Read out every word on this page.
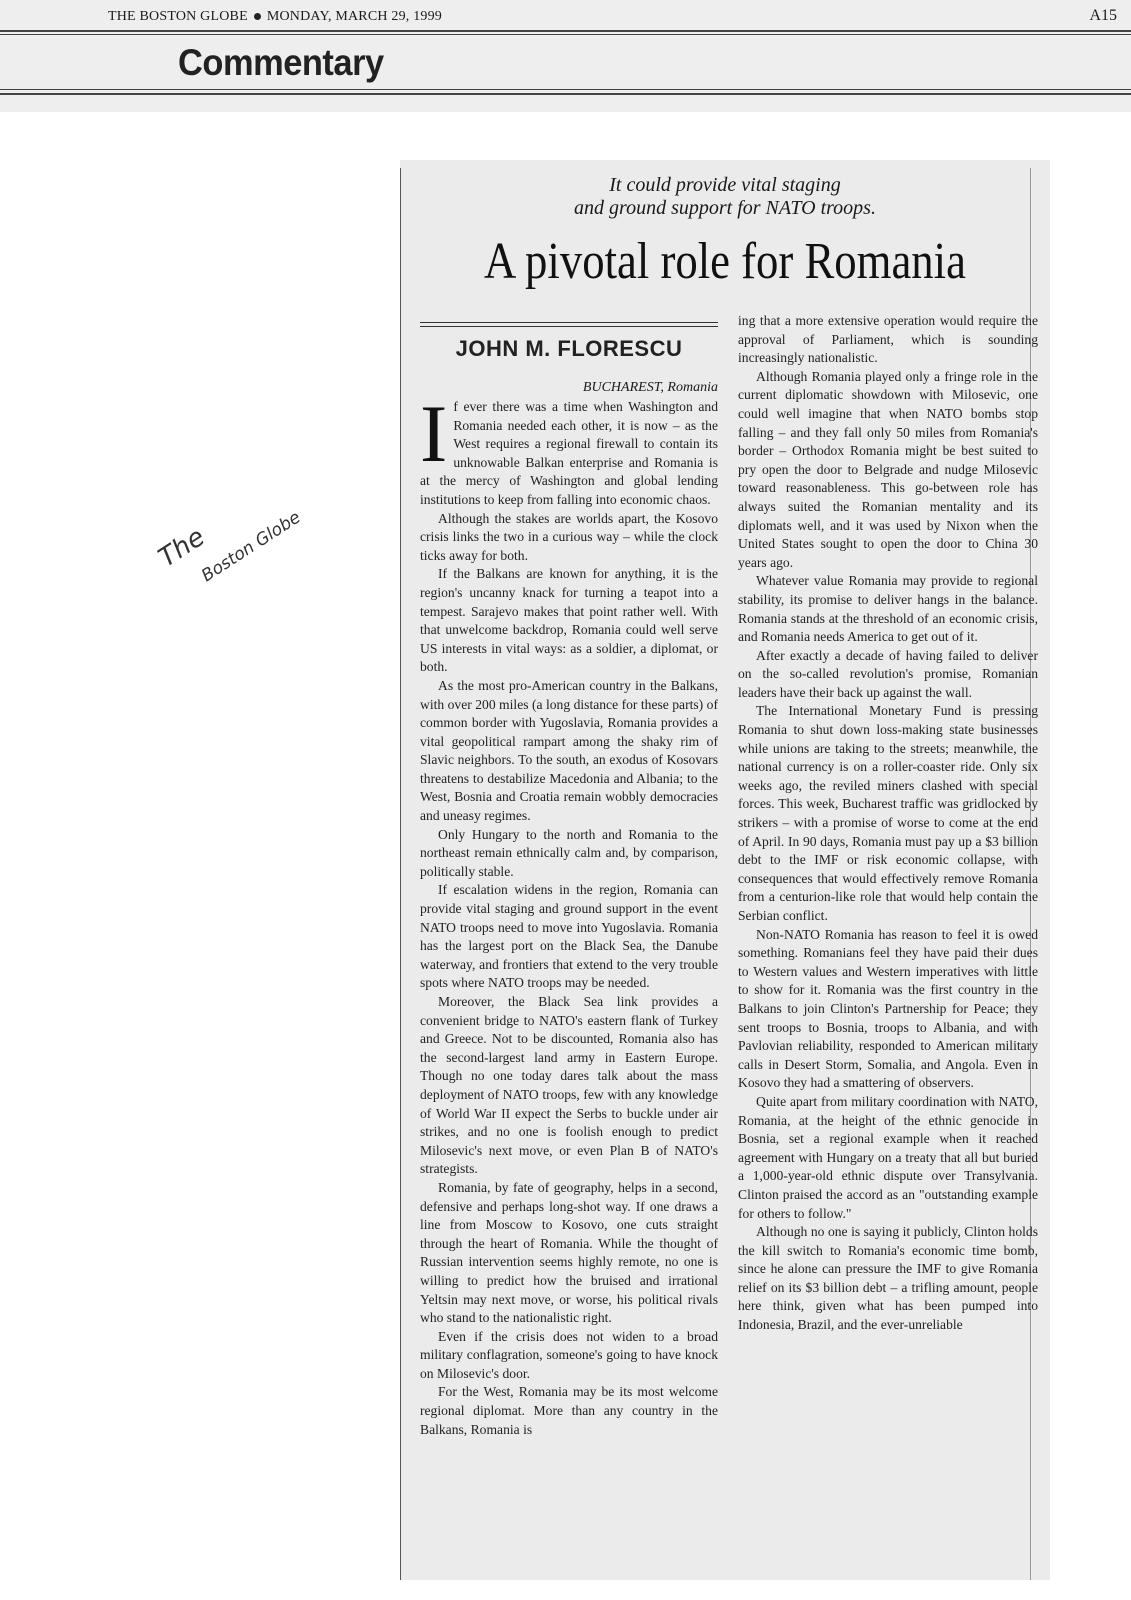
THE BOSTON GLOBE MONDAY, MARCH 29, 1999	A15
Commentary
The
Boston Globe
It could provide vital staging
and ground support for NATO troops.
A pivotal role for Romania
JOHN M. FLORESCU
BUCHAREST, Romania

If ever there was a time when Washington and Romania needed each other, it is now – as the West requires a regional firewall to contain its unknowable Balkan enterprise and Romania is at the mercy of Washington and global lending institutions to keep from falling into economic chaos.

Although the stakes are worlds apart, the Kosovo crisis links the two in a curious way – while the clock ticks away for both.

If the Balkans are known for anything, it is the region's uncanny knack for turning a teapot into a tempest. Sarajevo makes that point rather well. With that unwelcome backdrop, Romania could well serve US interests in vital ways: as a soldier, a diplomat, or both.

As the most pro-American country in the Balkans, with over 200 miles (a long distance for these parts) of common border with Yugoslavia, Romania provides a vital geopolitical rampart among the shaky rim of Slavic neighbors. To the south, an exodus of Kosovars threatens to destabilize Macedonia and Albania; to the West, Bosnia and Croatia remain wobbly democracies and uneasy regimes.

Only Hungary to the north and Romania to the northeast remain ethnically calm and, by comparison, politically stable.

If escalation widens in the region, Romania can provide vital staging and ground support in the event NATO troops need to move into Yugoslavia. Romania has the largest port on the Black Sea, the Danube waterway, and frontiers that extend to the very trouble spots where NATO troops may be needed.

Moreover, the Black Sea link provides a convenient bridge to NATO's eastern flank of Turkey and Greece. Not to be discounted, Romania also has the second-largest land army in Eastern Europe. Though no one today dares talk about the mass deployment of NATO troops, few with any knowledge of World War II expect the Serbs to buckle under air strikes, and no one is foolish enough to predict Milosevic's next move, or even Plan B of NATO's strategists.

Romania, by fate of geography, helps in a second, defensive and perhaps long-shot way. If one draws a line from Moscow to Kosovo, one cuts straight through the heart of Romania. While the thought of Russian intervention seems highly remote, no one is willing to predict how the bruised and irrational Yeltsin may next move, or worse, his political rivals who stand to the nationalistic right.

Even if the crisis does not widen to a broad military conflagration, someone's going to have knock on Milosevic's door.

For the West, Romania may be its most welcome regional diplomat. More than any country in the Balkans, Romania is

ing that a more extensive operation would require the approval of Parliament, which is sounding increasingly nationalistic.

Although Romania played only a fringe role in the current diplomatic showdown with Milosevic, one could well imagine that when NATO bombs stop falling – and they fall only 50 miles from Romania's border – Orthodox Romania might be best suited to pry open the door to Belgrade and nudge Milosevic toward reasonableness. This go-between role has always suited the Romanian mentality and its diplomats well, and it was used by Nixon when the United States sought to open the door to China 30 years ago.

Whatever value Romania may provide to regional stability, its promise to deliver hangs in the balance. Romania stands at the threshold of an economic crisis, and Romania needs America to get out of it.

After exactly a decade of having failed to deliver on the so-called revolution's promise, Romanian leaders have their back up against the wall.

The International Monetary Fund is pressing Romania to shut down loss-making state businesses while unions are taking to the streets; meanwhile, the national currency is on a roller-coaster ride. Only six weeks ago, the reviled miners clashed with special forces. This week, Bucharest traffic was gridlocked by strikers – with a promise of worse to come at the end of April. In 90 days, Romania must pay up a $3 billion debt to the IMF or risk economic collapse, with consequences that would effectively remove Romania from a centurion-like role that would help contain the Serbian conflict.

Non-NATO Romania has reason to feel it is owed something. Romanians feel they have paid their dues to Western values and Western imperatives with little to show for it. Romania was the first country in the Balkans to join Clinton's Partnership for Peace; they sent troops to Bosnia, troops to Albania, and with Pavlovian reliability, responded to American military calls in Desert Storm, Somalia, and Angola. Even in Kosovo they had a smattering of observers.

Quite apart from military coordination with NATO, Romania, at the height of the ethnic genocide in Bosnia, set a regional example when it reached agreement with Hungary on a treaty that all but buried a 1,000-year-old ethnic dispute over Transylvania. Clinton praised the accord as an "outstanding example for others to follow."

Although no one is saying it publicly, Clinton holds the kill switch to Romania's economic time bomb, since he alone can pressure the IMF to give Romania relief on its $3 billion debt – a trifling amount, people here think, given what has been pumped into Indonesia, Brazil, and the ever-unreliable
